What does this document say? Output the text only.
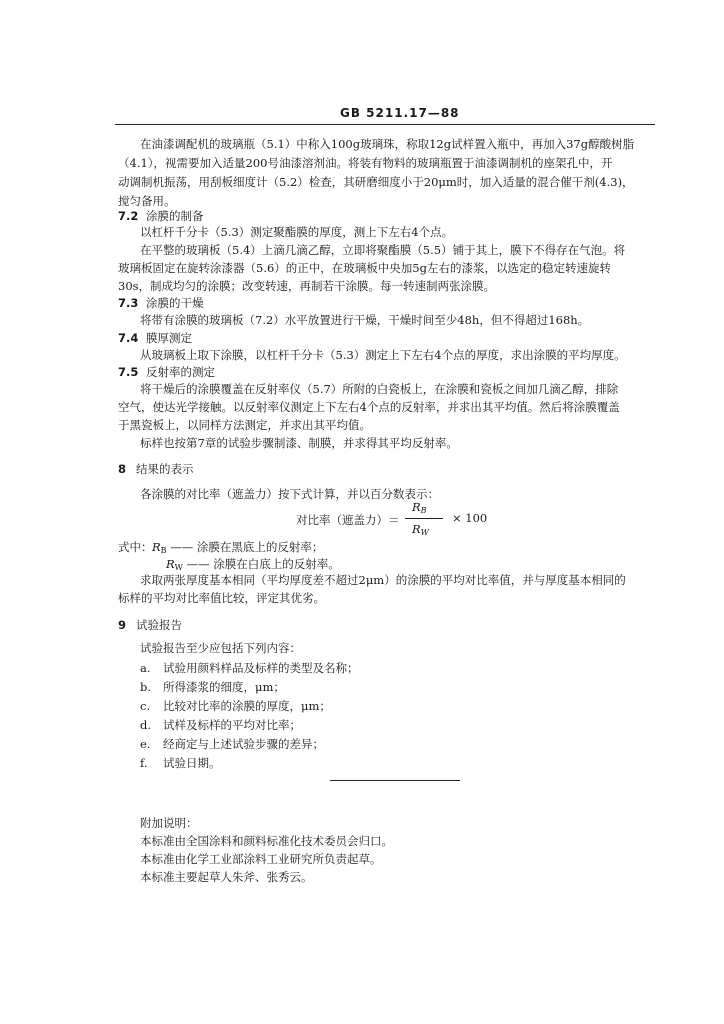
GB 5211.17—88
在油漆调配机的玻璃瓶（5.1）中称入100g玻璃珠，称取12g试样置入瓶中，再加入37g醇酸树脂
（4.1），视需要加入适量200号油漆溶剂油。将装有物料的玻璃瓶置于油漆调制机的座架孔中，开
动调制机振荡，用刮板细度计（5.2）检查，其研磨细度小于20μm时，加入适量的混合催干剂(4.3)，
搅匀备用。
7.2 涂膜的制备
以杠杆千分卡（5.3）测定聚酯膜的厚度，测上下左右4个点。
在平整的玻璃板（5.4）上滴几滴乙醇，立即将聚酯膜（5.5）铺于其上，膜下不得存在气泡。将
玻璃板固定在旋转涂漆器（5.6）的正中，在玻璃板中央加5g左右的漆浆，以选定的稳定转速旋转
30s，制成均匀的涂膜；改变转速，再制若干涂膜。每一转速制两张涂膜。
7.3 涂膜的干燥
将带有涂膜的玻璃板（7.2）水平放置进行干燥，干燥时间至少48h，但不得超过168h。
7.4 膜厚测定
从玻璃板上取下涂膜，以杠杆千分卡（5.3）测定上下左右4个点的厚度，求出涂膜的平均厚度。
7.5 反射率的测定
将干燥后的涂膜覆盖在反射率仪（5.7）所附的白瓷板上，在涂膜和瓷板之间加几滴乙醇，排除
空气，使达光学接触。以反射率仪测定上下左右4个点的反射率，并求出其平均值。然后将涂膜覆盖
于黑瓷板上，以同样方法测定，并求出其平均值。
标样也按第7章的试验步骤制漆、制膜，并求得其平均反射率。
8 结果的表示
各涂膜的对比率（遮盖力）按下式计算，并以百分数表示：
对比率（遮盖力）＝
$R_B$
$R_W$
× 100
式中： $R_B$ —— 涂膜在黑底上的反射率；
$R_W$ —— 涂膜在白底上的反射率。
求取两张厚度基本相同（平均厚度差不超过2μm）的涂膜的平均对比率值，并与厚度基本相同的
标样的平均对比率值比较，评定其优劣。
9 试验报告
试验报告至少应包括下列内容：
a. 试验用颜料样品及标样的类型及名称；
b. 所得漆浆的细度，μm；
c. 比较对比率的涂膜的厚度，μm；
d. 试样及标样的平均对比率；
e. 经商定与上述试验步骤的差异；
f. 试验日期。
附加说明：
本标准由全国涂料和颜料标准化技术委员会归口。
本标准由化学工业部涂料工业研究所负责起草。
本标准主要起草人朱斧、张秀云。
